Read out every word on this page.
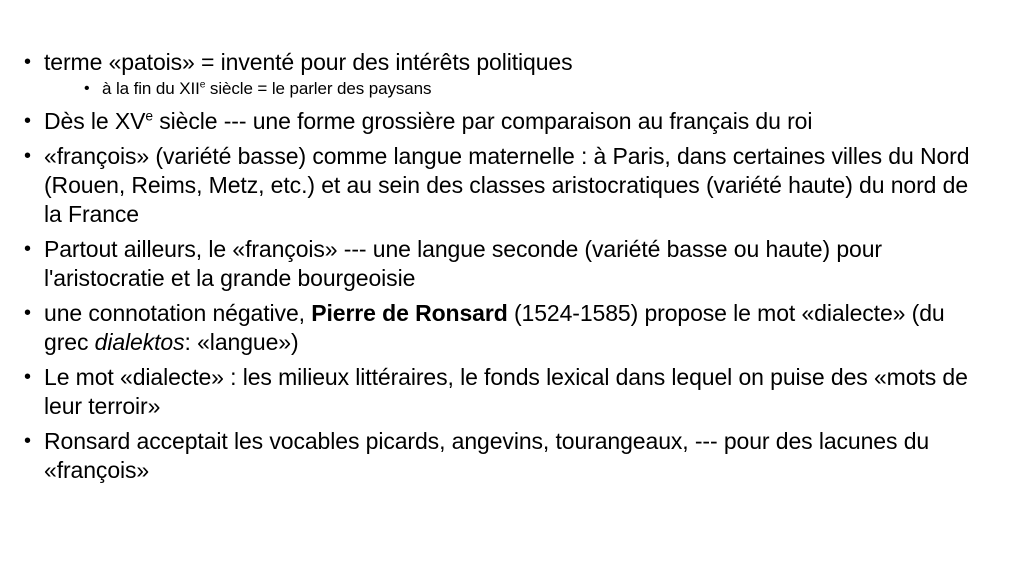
• terme «patois» = inventé pour des intérêts politiques
• à la fin du XIIe siècle = le parler des paysans
• Dès le XVe siècle --- une forme grossière par comparaison au français du roi
• «françois» (variété basse) comme langue maternelle : à Paris, dans certaines villes du Nord (Rouen, Reims, Metz, etc.) et au sein des classes aristocratiques (variété haute) du nord de la France
• Partout ailleurs, le «françois» --- une langue seconde (variété basse ou haute) pour l'aristocratie et la grande bourgeoisie
• une connotation négative, Pierre de Ronsard (1524-1585) propose le mot «dialecte» (du grec dialektos: «langue»)
• Le mot «dialecte» : les milieux littéraires, le fonds lexical dans lequel on puise des «mots de leur terroir»
• Ronsard acceptait les vocables picards, angevins, tourangeaux, --- pour des lacunes du «françois»
